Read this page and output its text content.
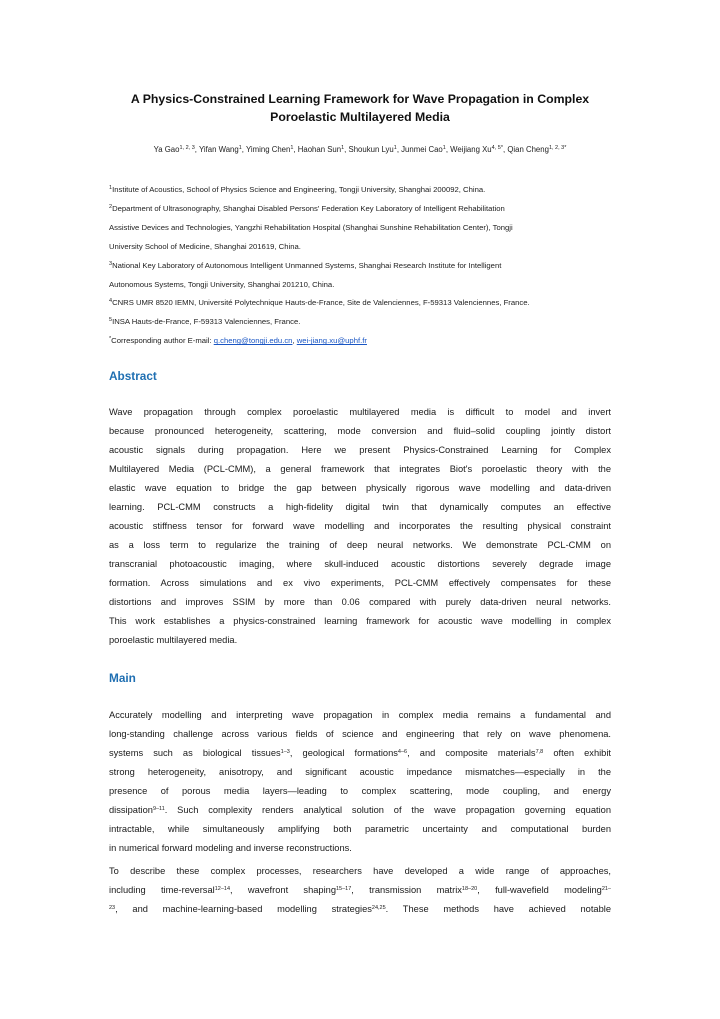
A Physics-Constrained Learning Framework for Wave Propagation in Complex
Poroelastic Multilayered Media
Ya Gao$^{1, 2, 3}$, Yifan Wang$^1$, Yiming Chen$^1$, Haohan Sun$^1$, Shoukun Lyu$^1$, Junmei Cao$^1$, Weijiang $Xu^{4, 5*}$, Qian Cheng$^{1, 2, 3*}$
$^1$Institute of Acoustics, School of Physics Science and Engineering, Tongji University, Shanghai 200092, China.
$^2$Department of Ultrasonography, Shanghai Disabled Persons' Federation Key Laboratory of Intelligent Rehabilitation
Assistive Devices and Technologies, Yangzhi Rehabilitation Hospital (Shanghai Sunshine Rehabilitation Center), Tongji
University School of Medicine, Shanghai 201619, China.
$^3$National Key Laboratory of Autonomous Intelligent Unmanned Systems, Shanghai Research Institute for Intelligent
Autonomous Systems, Tongji University, Shanghai 201210, China.
$^4$CNRS UMR 8520 IEMN, Université Polytechnique Hauts-de-France, Site de Valenciennes, F-59313 Valenciennes, France.
$^5$INSA Hauts-de-France, F-59313 Valenciennes, France.
*Corresponding author E-mail: q.cheng@tongji.edu.cn, wei-jiang.xu@uphf.fr
Abstract
Wave propagation through complex poroelastic multilayered media is difficult to model and invert
because pronounced heterogeneity, scattering, mode conversion and fluid–solid coupling jointly distort
acoustic signals during propagation. Here we present Physics-Constrained Learning for Complex
Multilayered Media (PCL-CMM), a general framework that integrates Biot's poroelastic theory with the
elastic wave equation to bridge the gap between physically rigorous wave modelling and data-driven
learning. PCL-CMM constructs a high-fidelity digital twin that dynamically computes an effective
acoustic stiffness tensor for forward wave modelling and incorporates the resulting physical constraint
as a loss term to regularize the training of deep neural networks. We demonstrate PCL-CMM on
transcranial photoacoustic imaging, where skull-induced acoustic distortions severely degrade image
formation. Across simulations and ex vivo experiments, PCL-CMM effectively compensates for these
distortions and improves SSIM by more than 0.06 compared with purely data-driven neural networks.
This work establishes a physics-constrained learning framework for acoustic wave modelling in complex
poroelastic multilayered media.
Main
Accurately modelling and interpreting wave propagation in complex media remains a fundamental and
long-standing challenge across various fields of science and engineering that rely on wave phenomena.
systems such as biological tissues$^{1-3}$, geological formations$^{4-6}$, and composite materials$^{7,8}$ often exhibit
strong heterogeneity, anisotropy, and significant acoustic impedance mismatches—especially in the
presence of porous media layers—leading to complex scattering, mode coupling, and energy
dissipation$^{9-11}$. Such complexity renders analytical solution of the wave propagation governing equation
intractable, while simultaneously amplifying both parametric uncertainty and computational burden
in numerical forward modeling and inverse reconstructions.
To describe these complex processes, researchers have developed a wide range of approaches,
including time-reversal$^{12-14}$, wavefront shaping$^{15-17}$, transmission matrix$^{18-20}$, full-wavefield modeling$^{21-}$
$^{23}$, and machine-learning-based modelling strategies$^{24,25}$. These methods have achieved notable
